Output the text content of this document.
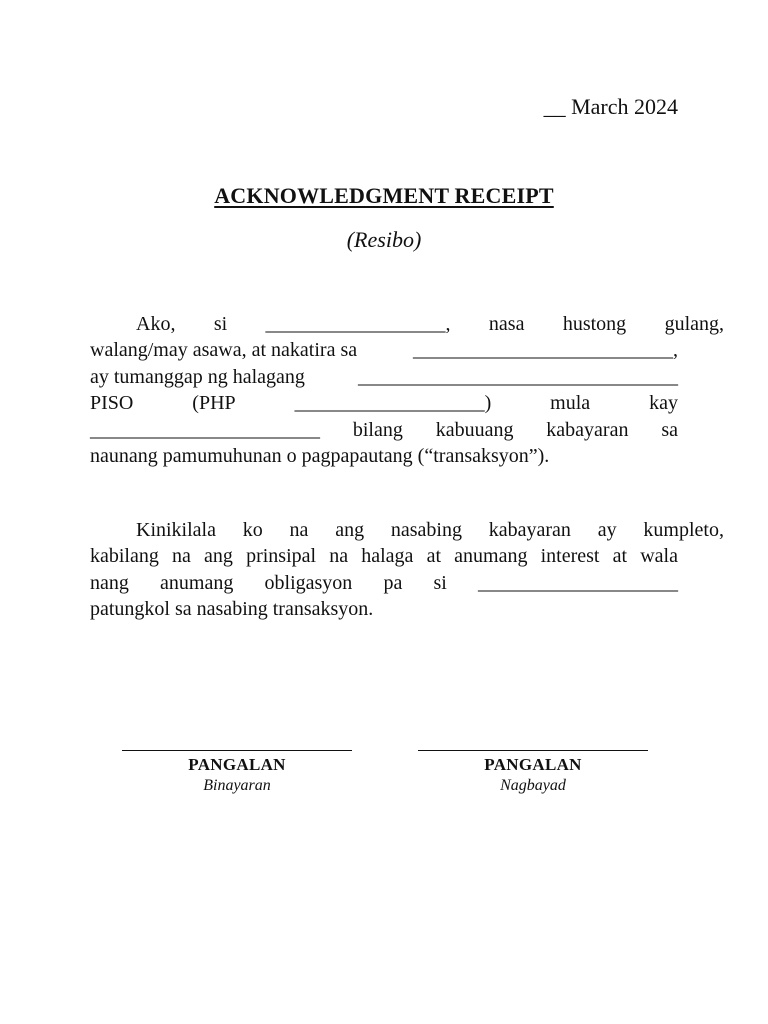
__ March 2024
ACKNOWLEDGMENT RECEIPT
(Resibo)
Ako, si __________________, nasa hustong gulang,
walang/may asawa, at nakatira sa	__________________________,
ay tumanggap ng halagang	________________________________
PISO	(PHP	___________________)	mula	kay
_______________________ bilang kabuuang kabayaran sa
naunang pamumuhunan o pagpapautang (“transaksyon”).
Kinikilala ko na ang nasabing kabayaran ay kumpleto,
kabilang na ang prinsipal na halaga at anumang interest at wala
nang anumang obligasyon pa si ____________________
patungkol sa nasabing transaksyon.
PANGALAN
Binayaran
PANGALAN
Nagbayad
